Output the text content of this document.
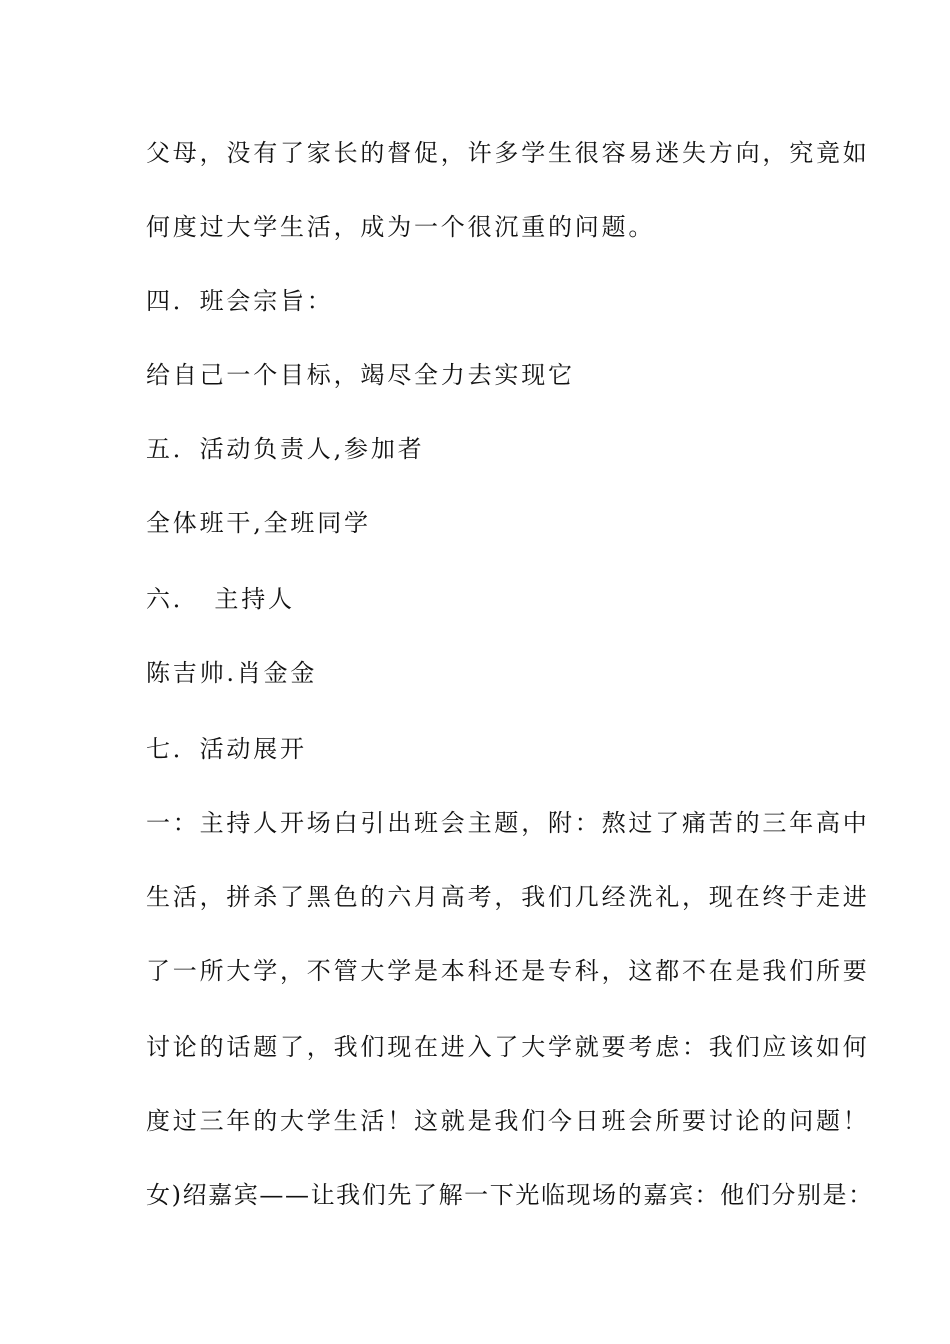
父母，没有了家长的督促，许多学生很容易迷失方向，究竟如

何度过大学生活，成为一个很沉重的问题。

四．班会宗旨：

给自己一个目标，竭尽全力去实现它

五．活动负责人,参加者

全体班干,全班同学

六．　主持人

陈吉帅.肖金金

七．活动展开

一：主持人开场白引出班会主题，附：熬过了痛苦的三年高中

生活，拼杀了黑色的六月高考，我们几经洗礼，现在终于走进

了一所大学，不管大学是本科还是专科，这都不在是我们所要

讨论的话题了，我们现在进入了大学就要考虑：我们应该如何

度过三年的大学生活！这就是我们今日班会所要讨论的问题！

女)绍嘉宾——让我们先了解一下光临现场的嘉宾：他们分别是：
